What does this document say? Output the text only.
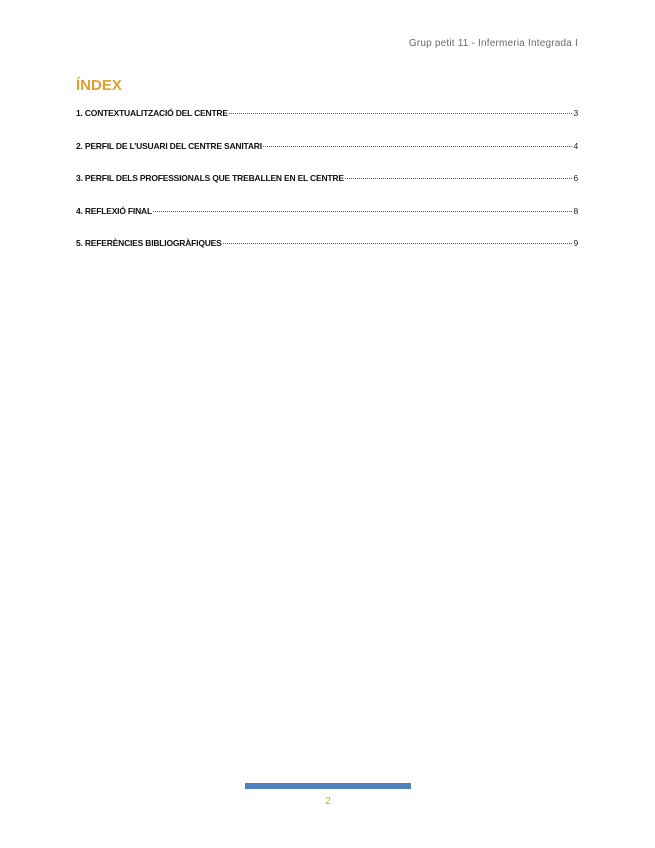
Grup petit 11 - Infermeria Integrada I
ÍNDEX
1. CONTEXTUALITZACIÓ DEL CENTRE	3
2. PERFIL DE L’USUARI DEL CENTRE SANITARI	4
3. PERFIL DELS PROFESSIONALS QUE TREBALLEN EN EL CENTRE	6
4. REFLEXIÓ FINAL	8
5. REFERÈNCIES BIBLIOGRÀFIQUES	9
2
